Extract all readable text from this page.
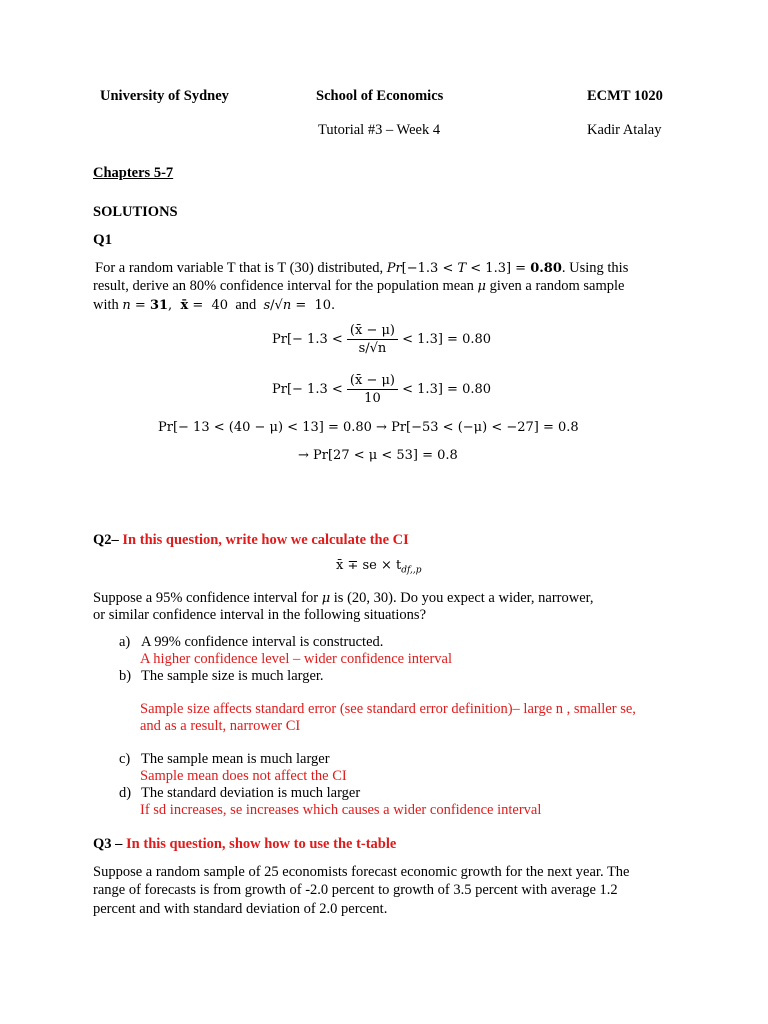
University of Sydney	School of Economics	ECMT 1020
Tutorial #3 – Week 4	Kadir Atalay
Chapters 5-7
SOLUTIONS
Q1
For a random variable T that is T (30) distributed, Pr[−1.3 < T < 1.3] = 0.80. Using this
result, derive an 80% confidence interval for the population mean μ given a random sample
with n = 31,  x̄ =  40 and s/√n =  10.
$Pr[- 1.3 < \frac{(x̄ - \mu)}{s/√n} < 1.3] = 0.80$
$Pr[- 1.3 < \frac{(x̄ - \mu)}{10} < 1.3] = 0.80$
Pr[− 13 < (40 − μ) < 13] = 0.80 → Pr[−53 < (−μ) < −27] = 0.8
→ Pr[27 < μ < 53] = 0.8
Q2– In this question, write how we calculate the CI
x̄ ∓ se × $t_{df,,p}$
Suppose a 95% confidence interval for μ is (20, 30). Do you expect a wider, narrower,
or similar confidence interval in the following situations?
a) A 99% confidence interval is constructed.
A higher confidence level – wider confidence interval
b) The sample size is much larger.
Sample size affects standard error (see standard error definition)– large n , smaller se,
and as a result, narrower CI
c) The sample mean is much larger
Sample mean does not affect the CI
d) The standard deviation is much larger
If sd increases, se increases which causes a wider confidence interval
Q3 – In this question, show how to use the t-table
Suppose a random sample of 25 economists forecast economic growth for the next year. The
range of forecasts is from growth of -2.0 percent to growth of 3.5 percent with average 1.2
percent and with standard deviation of 2.0 percent.
